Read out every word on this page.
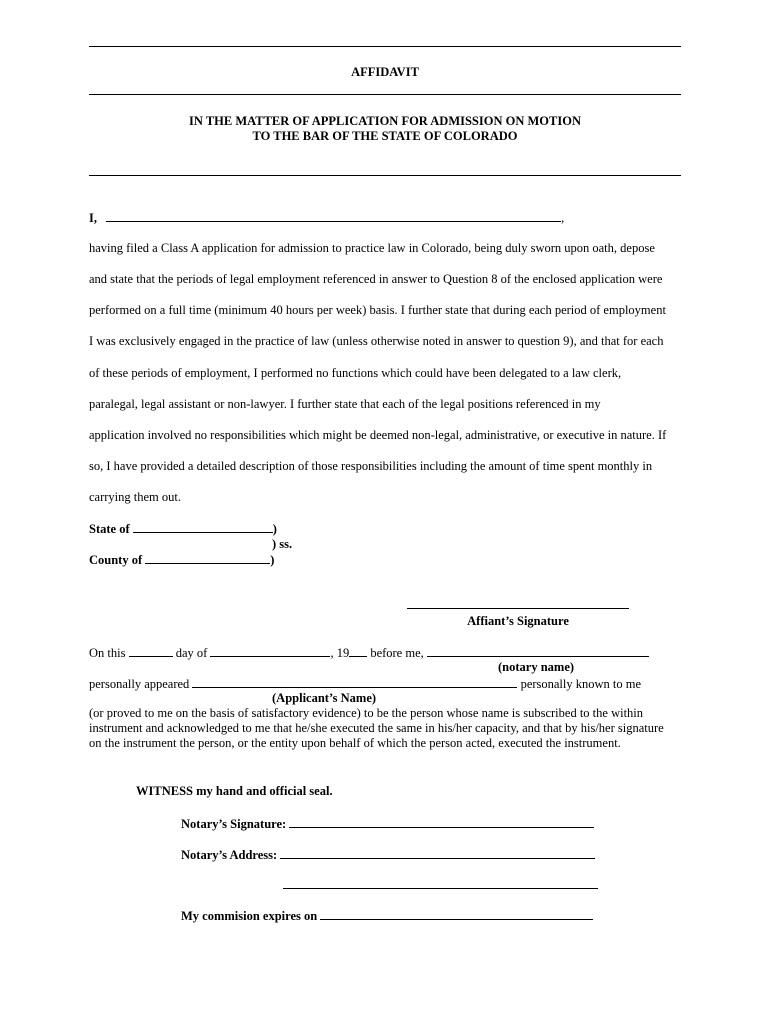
AFFIDAVIT
IN THE MATTER OF APPLICATION FOR ADMISSION ON MOTION
TO THE BAR OF THE STATE OF COLORADO
I,	,
having filed a Class A application for admission to practice law in Colorado, being duly sworn upon oath, depose
and state that the periods of legal employment referenced in answer to Question 8 of the enclosed application were
performed on a full time (minimum 40 hours per week) basis. I further state that during each period of employment
I was exclusively engaged in the practice of law (unless otherwise noted in answer to question 9), and that for each
of these periods of employment, I performed no functions which could have been delegated to a law clerk,
paralegal, legal assistant or non-lawyer. I further state that each of the legal positions referenced in my
application involved no responsibilities which might be deemed non-legal, administrative, or executive in nature. If
so, I have provided a detailed description of those responsibilities including the amount of time spent monthly in
carrying them out.
State of	)
) ss.
County of	)
Affiant’s Signature
On this	day of	, 19 before me,
(notary name)
personally appeared	personally known to me
(Applicant’s Name)
(or proved to me on the basis of satisfactory evidence) to be the person whose name is subscribed to the within instrument and acknowledged to me that he/she executed the same in his/her capacity, and that by his/her signature on the instrument the person, or the entity upon behalf of which the person acted, executed the instrument.
WITNESS my hand and official seal.
Notary’s Signature:
Notary’s Address:
My commision expires on
